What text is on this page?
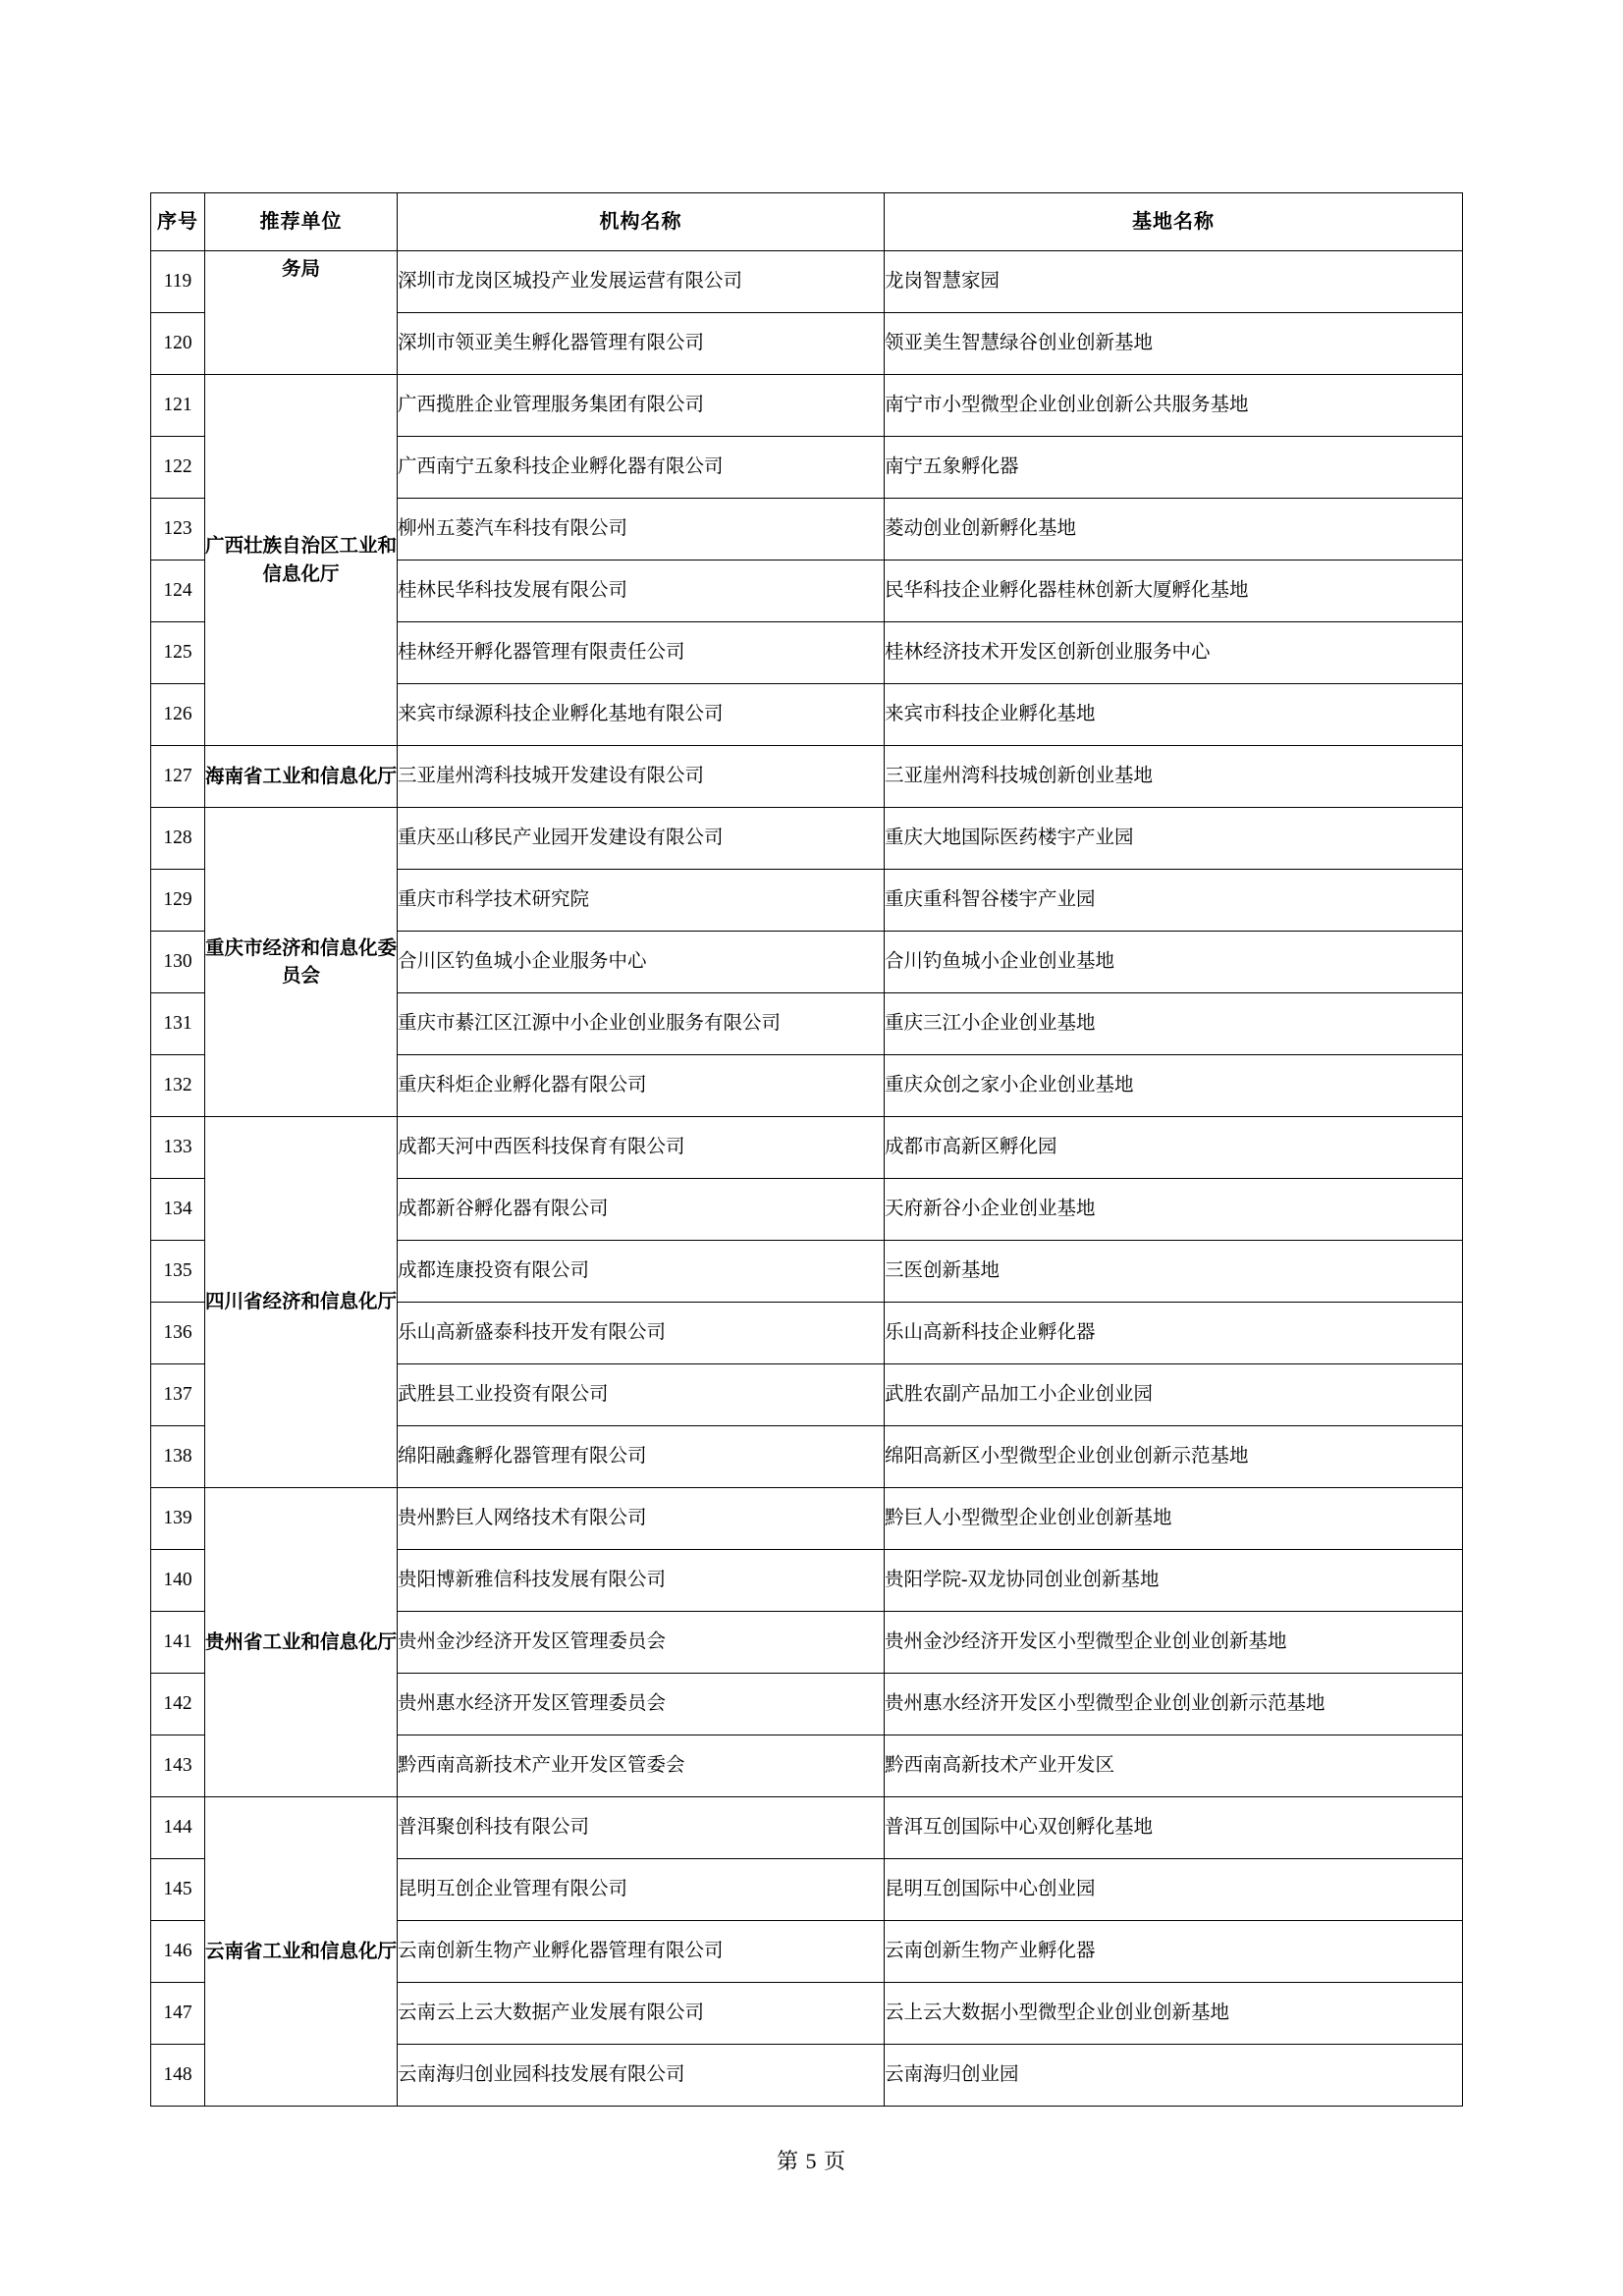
序号	推荐单位	机构名称	基地名称
119	务局	深圳市龙岗区城投产业发展运营有限公司	龙岗智慧家园
120		深圳市领亚美生孵化器管理有限公司	领亚美生智慧绿谷创业创新基地
121	广西壮族自治区工业和信息化厅	广西揽胜企业管理服务集团有限公司	南宁市小型微型企业创业创新公共服务基地
122		广西南宁五象科技企业孵化器有限公司	南宁五象孵化器
123		柳州五菱汽车科技有限公司	菱动创业创新孵化基地
124		桂林民华科技发展有限公司	民华科技企业孵化器桂林创新大厦孵化基地
125		桂林经开孵化器管理有限责任公司	桂林经济技术开发区创新创业服务中心
126		来宾市绿源科技企业孵化基地有限公司	来宾市科技企业孵化基地
127	海南省工业和信息化厅	三亚崖州湾科技城开发建设有限公司	三亚崖州湾科技城创新创业基地
128	重庆市经济和信息化委员会	重庆巫山移民产业园开发建设有限公司	重庆大地国际医药楼宇产业园
129		重庆市科学技术研究院	重庆重科智谷楼宇产业园
130		合川区钓鱼城小企业服务中心	合川钓鱼城小企业创业基地
131		重庆市綦江区江源中小企业创业服务有限公司	重庆三江小企业创业基地
132		重庆科炬企业孵化器有限公司	重庆众创之家小企业创业基地
133	四川省经济和信息化厅	成都天河中西医科技保育有限公司	成都市高新区孵化园
134		成都新谷孵化器有限公司	天府新谷小企业创业基地
135		成都连康投资有限公司	三医创新基地
136		乐山高新盛泰科技开发有限公司	乐山高新科技企业孵化器
137		武胜县工业投资有限公司	武胜农副产品加工小企业创业园
138		绵阳融鑫孵化器管理有限公司	绵阳高新区小型微型企业创业创新示范基地
139	贵州省工业和信息化厅	贵州黔巨人网络技术有限公司	黔巨人小型微型企业创业创新基地
140		贵阳博新雅信科技发展有限公司	贵阳学院-双龙协同创业创新基地
141		贵州金沙经济开发区管理委员会	贵州金沙经济开发区小型微型企业创业创新基地
142		贵州惠水经济开发区管理委员会	贵州惠水经济开发区小型微型企业创业创新示范基地
143		黔西南高新技术产业开发区管委会	黔西南高新技术产业开发区
144	云南省工业和信息化厅	普洱聚创科技有限公司	普洱互创国际中心双创孵化基地
145		昆明互创企业管理有限公司	昆明互创国际中心创业园
146		云南创新生物产业孵化器管理有限公司	云南创新生物产业孵化器
147		云南云上云大数据产业发展有限公司	云上云大数据小型微型企业创业创新基地
148		云南海归创业园科技发展有限公司	云南海归创业园
第 5 页
